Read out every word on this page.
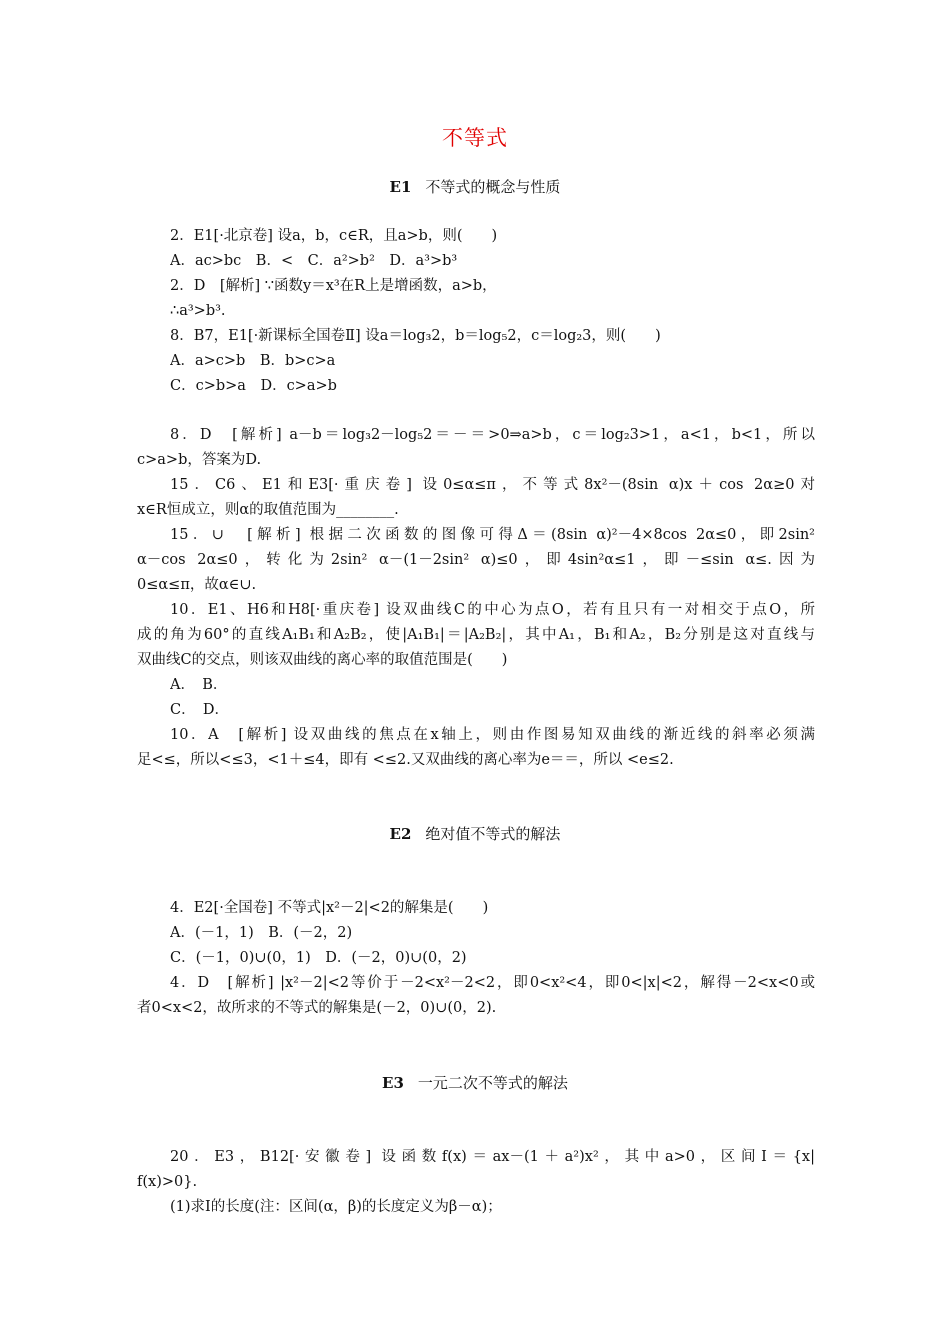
不等式
E1 不等式的概念与性质
2．E1[·北京卷] 设a，b，c∈R，且a>b，则(　　)
A．ac>bc　B．<　C．a²>b²　D．a³>b³
2．D　[解析] ∵函数y＝x³在R上是增函数，a>b，
∴a³>b³.
8．B7，E1[·新课标全国卷Ⅱ] 设a＝log₃2，b＝log₅2，c＝log₂3，则(　　)
A．a>c>b　B．b>c>a
C．c>b>a　D．c>a>b
8．D　[解析] a－b＝log₃2－log₅2＝－＝>0⇒a>b，c＝log₂3>1，a<1，b<1，所以
c>a>b，答案为D.
15．C6、E1和E3[·重庆卷] 设0≤α≤π，不等式8x²－(8sin α)x＋cos 2α≥0对
x∈R恒成立，则α的取值范围为________.
15．∪　[解析] 根据二次函数的图像可得Δ＝(8sin α)²－4×8cos 2α≤0，即2sin²
α－cos 2α≤0，转化为2sin² α－(1－2sin² α)≤0，即4sin²α≤1，即－≤sin α≤.因为
0≤α≤π，故α∈∪.
10．E1、H6和H8[·重庆卷] 设双曲线C的中心为点O，若有且只有一对相交于点O，所
成的角为60°的直线A₁B₁和A₂B₂，使|A₁B₁|＝|A₂B₂|，其中A₁，B₁和A₂，B₂分别是这对直线与
双曲线C的交点，则该双曲线的离心率的取值范围是(　　)
A．　B．
C．　D．
10．A　[解析] 设双曲线的焦点在x轴上，则由作图易知双曲线的渐近线的斜率必须满
足<≤，所以<≤3，<1＋≤4，即有 <≤2.又双曲线的离心率为e＝＝，所以 <e≤2.
E2 绝对值不等式的解法
4．E2[·全国卷] 不等式|x²－2|<2的解集是(　　)
A．(－1，1)　B．(－2，2)
C．(－1，0)∪(0，1)　D．(－2，0)∪(0，2)
4．D　[解析] |x²－2|<2等价于－2<x²－2<2，即0<x²<4，即0<|x|<2，解得－2<x<0或
者0<x<2，故所求的不等式的解集是(－2，0)∪(0，2).
E3 一元二次不等式的解法
20．E3，B12[·安徽卷] 设函数f(x)＝ax－(1＋a²)x²，其中a>0，区间I＝{x|
f(x)>0}.
(1)求I的长度(注：区间(α，β)的长度定义为β－α)；
